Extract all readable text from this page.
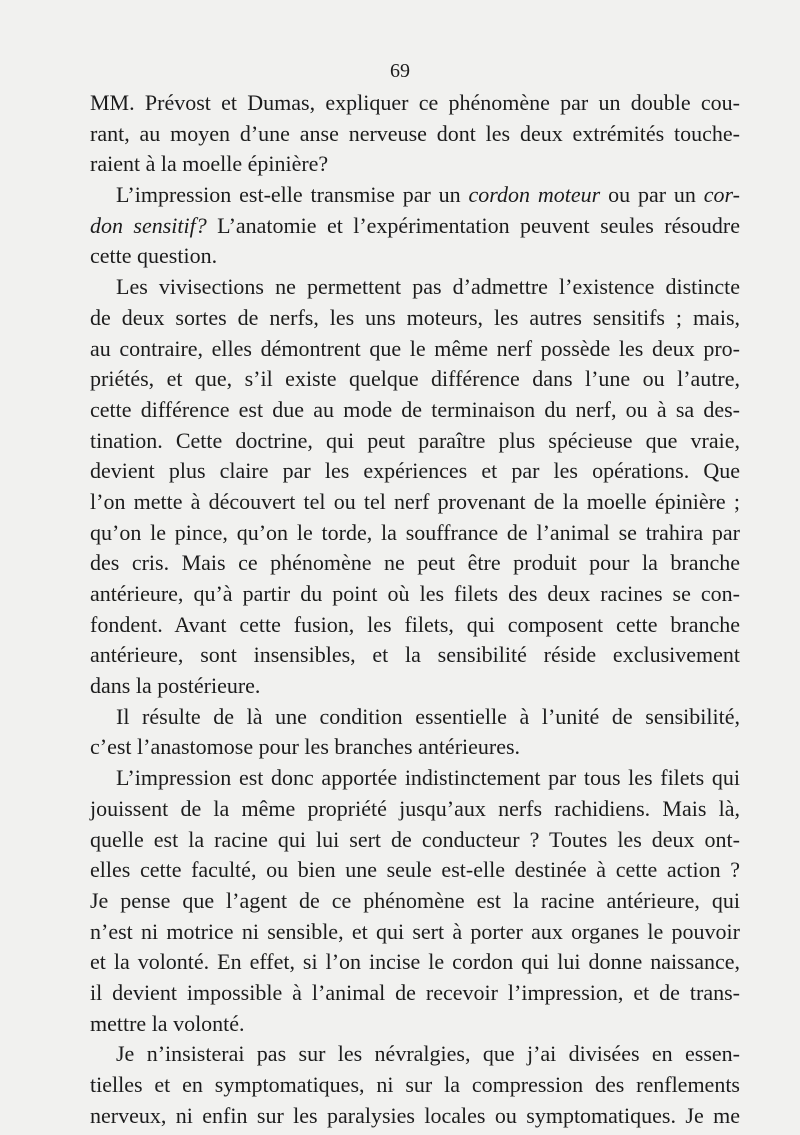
69

MM. Prévost et Dumas, expliquer ce phénomène par un double cou-
rant, au moyen d’une anse nerveuse dont les deux extrémités touche-
raient à la moelle épinière?

L’impression est-elle transmise par un cordon moteur ou par un cor-
don sensitif? L’anatomie et l’expérimentation peuvent seules résoudre
cette question.

Les vivisections ne permettent pas d’admettre l’existence distincte
de deux sortes de nerfs, les uns moteurs, les autres sensitifs ; mais,
au contraire, elles démontrent que le même nerf possède les deux pro-
priétés, et que, s’il existe quelque différence dans l’une ou l’autre,
cette différence est due au mode de terminaison du nerf, ou à sa des-
tination. Cette doctrine, qui peut paraître plus spécieuse que vraie,
devient plus claire par les expériences et par les opérations. Que
l’on mette à découvert tel ou tel nerf provenant de la moelle épinière ;
qu’on le pince, qu’on le torde, la souffrance de l’animal se trahira par
des cris. Mais ce phénomène ne peut être produit pour la branche
antérieure, qu’à partir du point où les filets des deux racines se con-
fondent. Avant cette fusion, les filets, qui composent cette branche
antérieure, sont insensibles, et la sensibilité réside exclusivement
dans la postérieure.

Il résulte de là une condition essentielle à l’unité de sensibilité,
c’est l’anastomose pour les branches antérieures.

L’impression est donc apportée indistinctement par tous les filets qui
jouissent de la même propriété jusqu’aux nerfs rachidiens. Mais là,
quelle est la racine qui lui sert de conducteur ? Toutes les deux ont-
elles cette faculté, ou bien une seule est-elle destinée à cette action ?
Je pense que l’agent de ce phénomène est la racine antérieure, qui
n’est ni motrice ni sensible, et qui sert à porter aux organes le pouvoir
et la volonté. En effet, si l’on incise le cordon qui lui donne naissance,
il devient impossible à l’animal de recevoir l’impression, et de trans-
mettre la volonté.

Je n’insisterai pas sur les névralgies, que j’ai divisées en essen-
tielles et en symptomatiques, ni sur la compression des renflements
nerveux, ni enfin sur les paralysies locales ou symptomatiques. Je me
